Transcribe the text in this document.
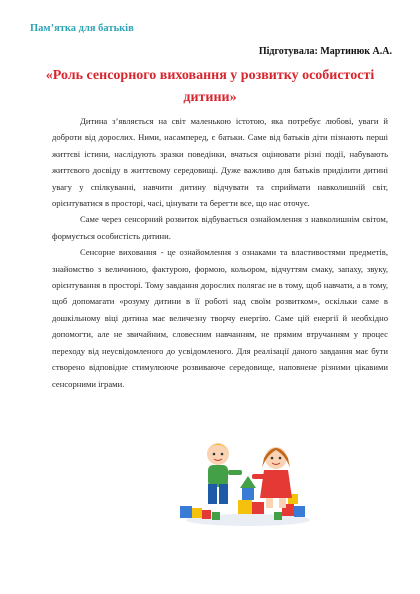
Пам’ятка для батьків
Підготувала: Мартинюк А.А.
«Роль сенсорного виховання у розвитку особистості дитини»

Дитина з’являється на світ маленькою істотою, яка потребує любові, уваги й доброти від дорослих. Ними, насамперед, є батьки. Саме від батьків діти пізнають перші життєві істини, наслідують зразки поведінки, вчаться оцінювати різні події, набувають життєвого досвіду в життєвому середовищі. Дуже важливо для батьків приділити дитині увагу у спілкуванні, навчити дитину відчувати та сприймати навколишній світ, орієнтуватися в просторі, часі, цінувати та берегти все, що нас оточує.

Саме через сенсорний розвиток відбувається ознайомлення з навколишнім світом, формується особистість дитини.

Сенсорне виховання - це ознайомлення з ознаками та властивостями предметів, знайомство з величиною, фактурою, формою, кольором, відчуттям смаку, запаху, звуку, орієнтування в просторі. Тому завдання дорослих полягає не в тому, щоб навчати, а в тому, щоб допомагати «розуму дитини в її роботі над своїм розвитком», оскільки саме в дошкільному віці дитина має величезну творчу енергію. Саме цій енергії й необхідно допомогти, але не звичайним, словесним навчанням, не прямим втручанням у процес переходу від неусвідомленого до усвідомленого. Для реалізації даного завдання має бути створено відповідне стимулююче розвиваюче середовище, наповнене різними цікавими сенсорними іграми.
